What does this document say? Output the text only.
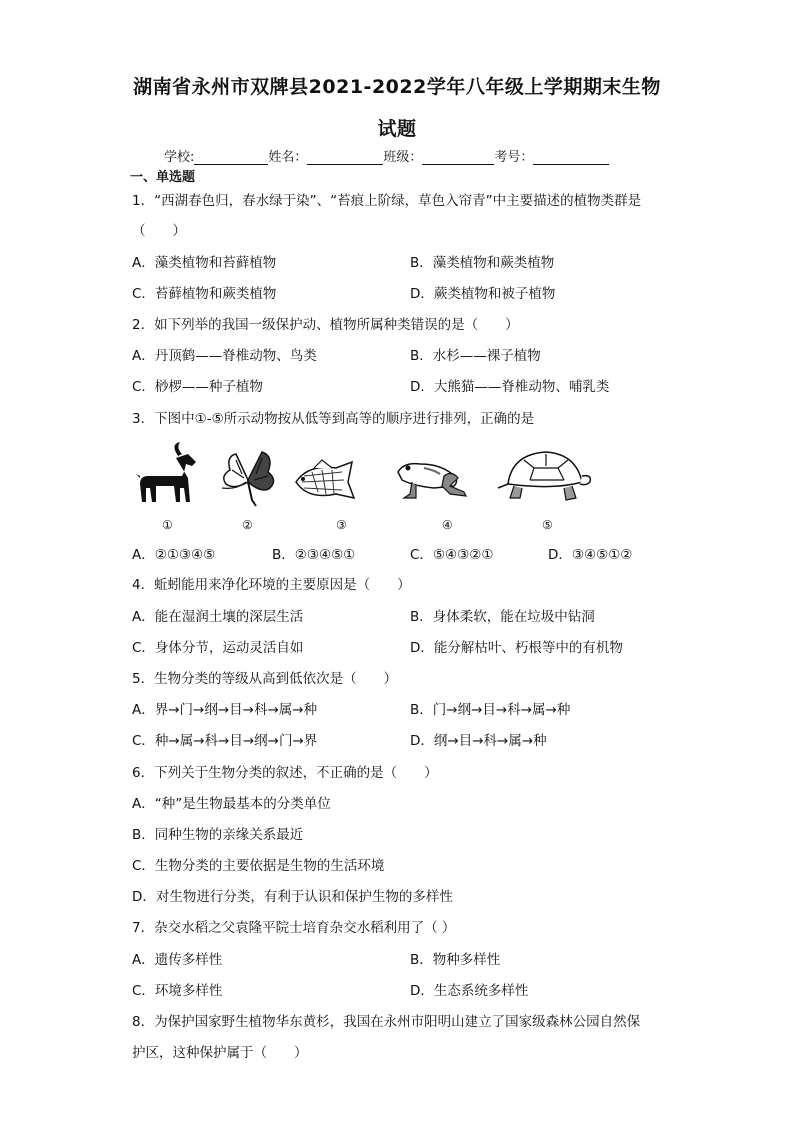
湖南省永州市双牌县2021-2022学年八年级上学期期末生物
试题
学校:	姓名：	班级：	考号：
一、单选题
1．“西湖春色归，春水绿于染”、“苔痕上阶绿，草色入帘青”中主要描述的植物类群是
（　　）
A．藻类植物和苔藓植物	B．藻类植物和蕨类植物
C．苔藓植物和蕨类植物	D．蕨类植物和被子植物
2．如下列举的我国一级保护动、植物所属种类错误的是（　　）
A．丹顶鹤——脊椎动物、鸟类	B．水杉——裸子植物
C．桫椤——种子植物	D．大熊猫——脊椎动物、哺乳类
3．下图中①-⑤所示动物按从低等到高等的顺序进行排列，正确的是
①	②	③	④	⑤
A．②①③④⑤	B．②③④⑤①	C．⑤④③②①	D．③④⑤①②
4．蚯蚓能用来净化环境的主要原因是（　　）
A．能在湿润土壤的深层生活	B．身体柔软，能在垃圾中钻洞
C．身体分节，运动灵活自如	D．能分解枯叶、朽根等中的有机物
5．生物分类的等级从高到低依次是（　　）
A．界→门→纲→目→科→属→种	B．门→纲→目→科→属→种
C．种→属→科→目→纲→门→界	D．纲→目→科→属→种
6．下列关于生物分类的叙述，不正确的是（　　）
A．“种”是生物最基本的分类单位
B．同种生物的亲缘关系最近
C．生物分类的主要依据是生物的生活环境
D．对生物进行分类，有利于认识和保护生物的多样性
7．杂交水稻之父袁隆平院士培育杂交水稻利用了（ ）
A．遗传多样性	B．物种多样性
C．环境多样性	D．生态系统多样性
8．为保护国家野生植物华东黄杉，我国在永州市阳明山建立了国家级森林公园自然保
护区，这种保护属于（　　）
